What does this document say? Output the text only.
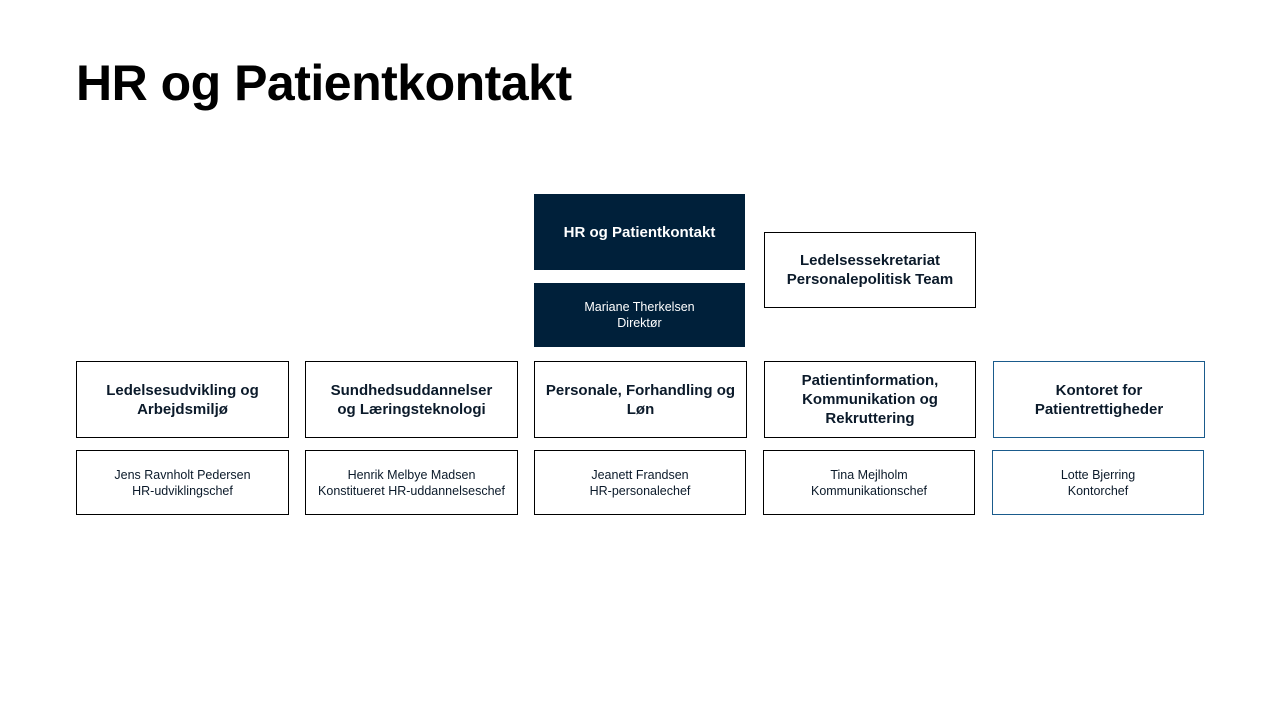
HR og Patientkontakt
HR og Patientkontakt
Mariane Therkelsen
Direktør
Ledelsessekretariat
Personalepolitisk Team
Ledelsesudvikling og Arbejdsmiljø
Jens Ravnholt Pedersen
HR-udviklingschef
Sundhedsuddannelser og Læringsteknologi
Henrik Melbye Madsen
Konstitueret HR-uddannelseschef
Personale, Forhandling og Løn
Jeanett Frandsen
HR-personalechef
Patientinformation, Kommunikation og Rekruttering
Tina Mejlholm
Kommunikationschef
Kontoret for Patientrettigheder
Lotte Bjerring
Kontorchef
